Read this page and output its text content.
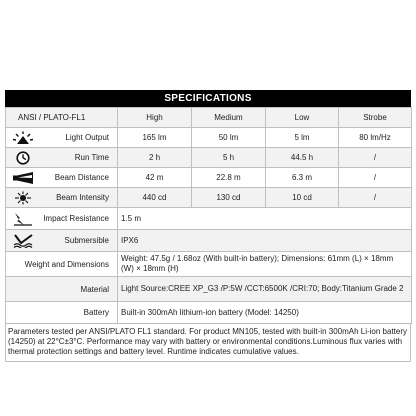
SPECIFICATIONS
ANSI / PLATO-FL1	High	Medium	Low	Strobe

Light Output	165 lm	50 lm	5 lm	80 lm/Hz

Run Time	2 h	5 h	44.5 h	/

Beam Distance	42 m	22.8 m	6.3 m	/

Beam Intensity	440 cd	130 cd	10 cd	/

Impact Resistance	1.5 m			

Submersible	IPX6			
Weight and Dimensions	Weight: 47.5g / 1.68oz (With built-in battery); Dimensions: 61mm (L) × 18mm (W) × 18mm (H)			
Material	Light Source:CREE XP_G3 /P:5W /CCT:6500K /CRI:70; Body:Titanium Grade 2			
Battery	Built-in 300mAh lithium-ion battery (Model: 14250)			
Parameters tested per ANSI/PLATO FL1 standard. For product MN105, tested with built-in 300mAh Li-ion battery (14250) at 22°C±3°C. Performance may vary with battery or environmental conditions.Luminous flux varies with thermal protection settings and battery level. Runtime indicates cumulative values.
